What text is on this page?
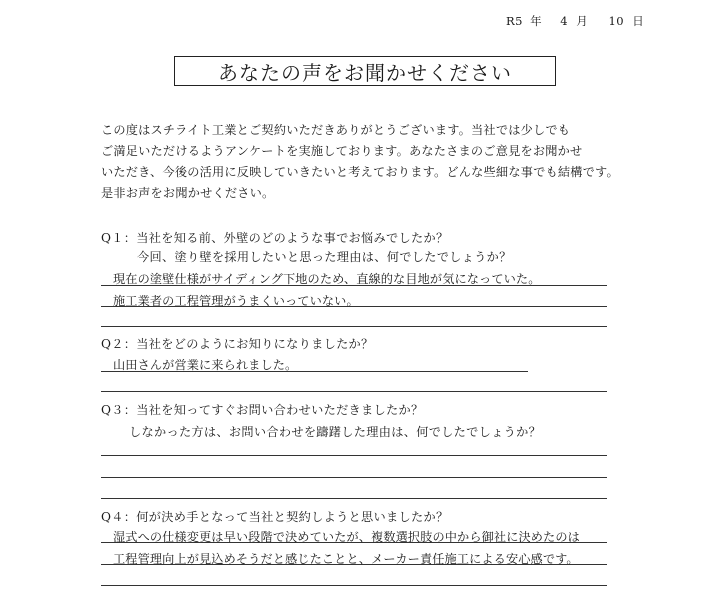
R5 年 4 月 10 日
あなたの声をお聞かせください
この度はスチライト工業とご契約いただきありがとうございます。当社では少しでも
ご満足いただけるようアンケートを実施しております。あなたさまのご意見をお聞かせ
いただき、今後の活用に反映していきたいと考えております。どんな些細な事でも結構です。
是非お声をお聞かせください。
Q１：当社を知る前、外壁のどのような事でお悩みでしたか？
今回、塗り壁を採用したいと思った理由は、何でしたでしょうか？
現在の塗壁仕様がサイディング下地のため、直線的な目地が気になっていた。
施工業者の工程管理がうまくいっていない。
Q２：当社をどのようにお知りになりましたか？
山田さんが営業に来られました。
Q３：当社を知ってすぐお問い合わせいただきましたか？
しなかった方は、お問い合わせを躊躇した理由は、何でしたでしょうか？
Q４：何が決め手となって当社と契約しようと思いましたか？
湿式への仕様変更は早い段階で決めていたが、複数選択肢の中から御社に決めたのは
工程管理向上が見込めそうだと感じたことと、メーカー責任施工による安心感です。
